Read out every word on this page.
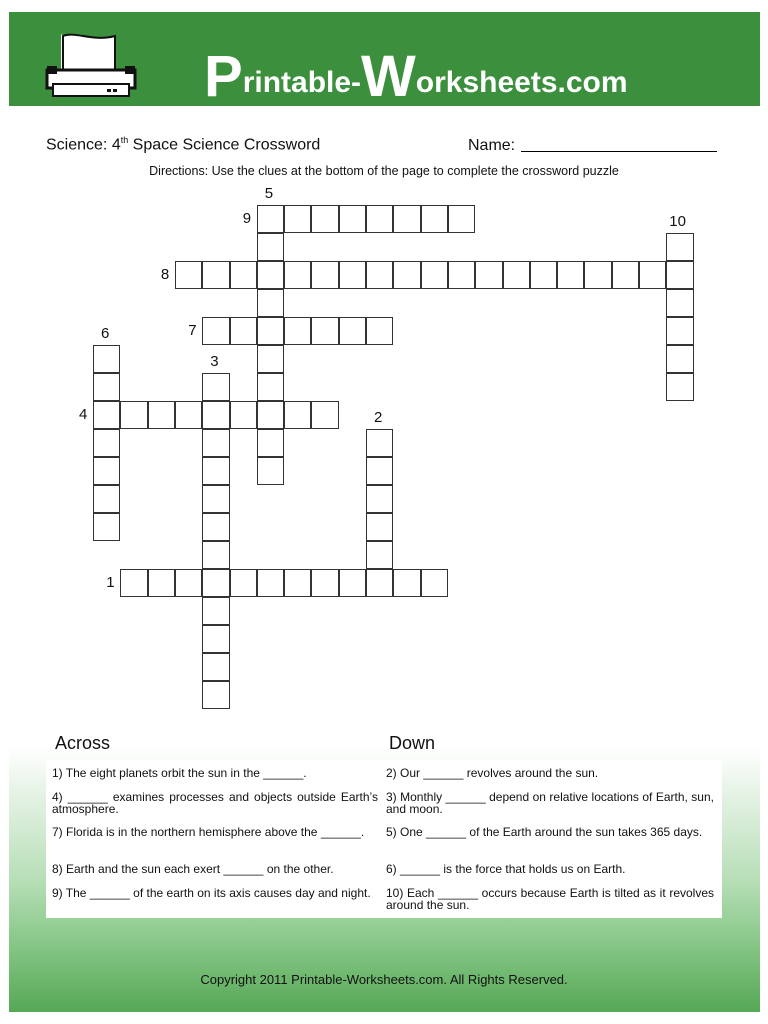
Printable-Worksheets.com
Science: 4th Space Science Crossword	Name:
Directions: Use the clues at the bottom of the page to complete the crossword puzzle
1
2
3
4
5
6	7
8
9	10
Across	Down
1) The eight planets orbit the sun in the ______.
4) ______ examines processes and objects outside Earth’s atmosphere.
7) Florida is in the northern hemisphere above the ______.
8) Earth and the sun each exert ______ on the other.
9) The ______ of the earth on its axis causes day and night.
2) Our ______ revolves around the sun.
3) Monthly ______ depend on relative locations of Earth, sun, and moon.
5) One ______ of the Earth around the sun takes 365 days.
6) ______ is the force that holds us on Earth.
10) Each ______ occurs because Earth is tilted as it revolves around the sun.
Copyright 2011 Printable-Worksheets.com. All Rights Reserved.
